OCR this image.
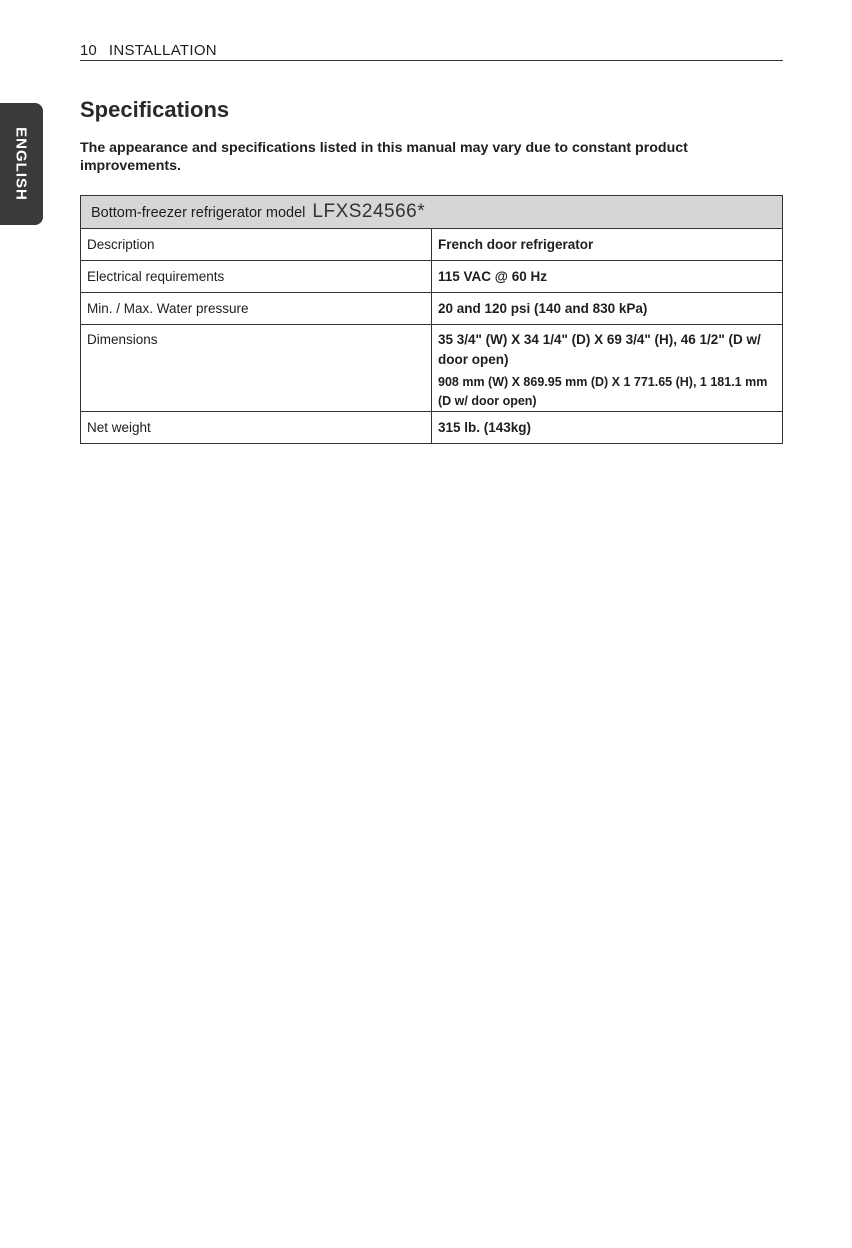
10 INSTALLATION
ENGLISH
Specifications

The appearance and specifications listed in this manual may vary due to constant product improvements.

Bottom-freezer refrigerator model LFXS24566*	
Description	French door refrigerator
Electrical requirements	115 VAC @ 60 Hz
Min. / Max. Water pressure	20 and 120 psi (140 and 830 kPa)
Dimensions	35 3/4" (W) X 34 1/4" (D) X 69 3/4" (H), 46 1/2" (D w/ door open)
908 mm (W) X 869.95 mm (D) X 1 771.65 (H), 1 181.1 mm (D w/ door open)

Net weight	315 lb. (143kg)
